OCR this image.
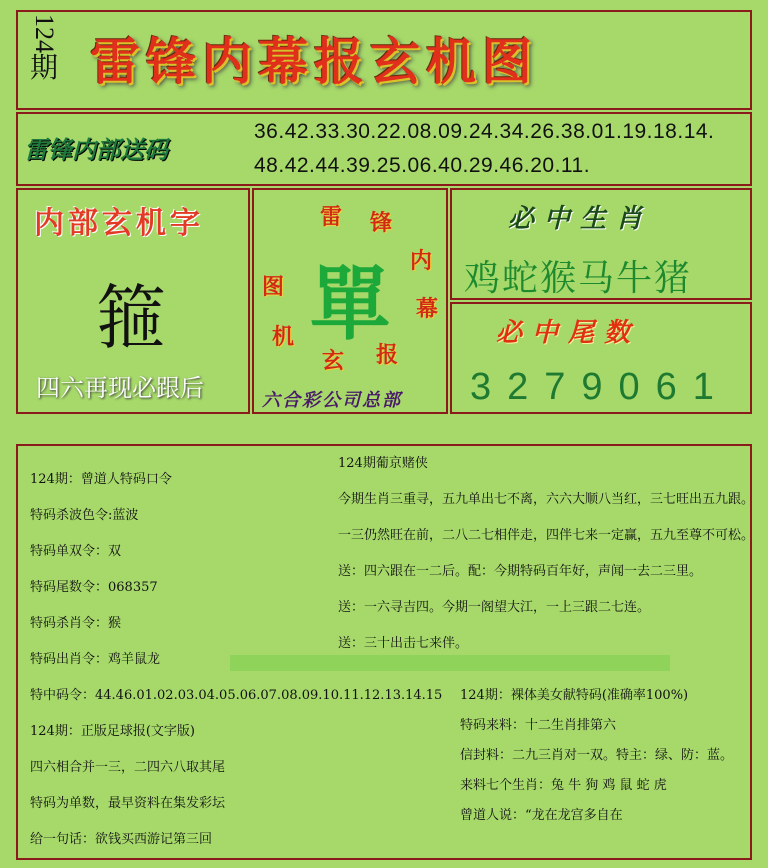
124
期 雷锋内幕报玄机图
雷锋内部送码
36.42.33.30.22.08.09.24.34.26.38.01.19.18.14.
48.42.44.39.25.06.40.29.46.20.11.
内部玄机字
箍
四六再现必跟后
雷 锋
内
幕
报
玄
机
图 單
六合彩公司总部
必中生肖
鸡蛇猴马牛猪
必中尾数
3279061
124期：曾道人特码口令
特码杀波色令:蓝波
特码单双令：双
特码尾数令：068357
特码杀肖令：猴
特码出肖令：鸡羊鼠龙
124期葡京赌侠
今期生肖三重寻，五九单出七不离，六六大顺八当红，三七旺出五九跟。
一三仍然旺在前，二八二七相伴走，四伴七来一定赢，五九至尊不可松。
送：四六跟在一二后。配：今期特码百年好，声闻一去二三里。
送：一六寻吉四。今期一阁望大江，一上三跟二七连。
送：三十出击七来伴。
特中码令：44.46.01.02.03.04.05.06.07.08.09.10.11.12.13.14.15
124期：正版足球报(文字版)
四六相合并一三，二四六八取其尾
特码为单数，最早资料在集发彩坛
给一句话：欲钱买西游记第三回
124期：裸体美女献特码(准确率100%)
特码来料：十二生肖排第六
信封料：二九三肖对一双。特主：绿、防：蓝。
来料七个生肖：兔 牛 狗 鸡 鼠 蛇 虎
曾道人说：“龙在龙宫多自在
